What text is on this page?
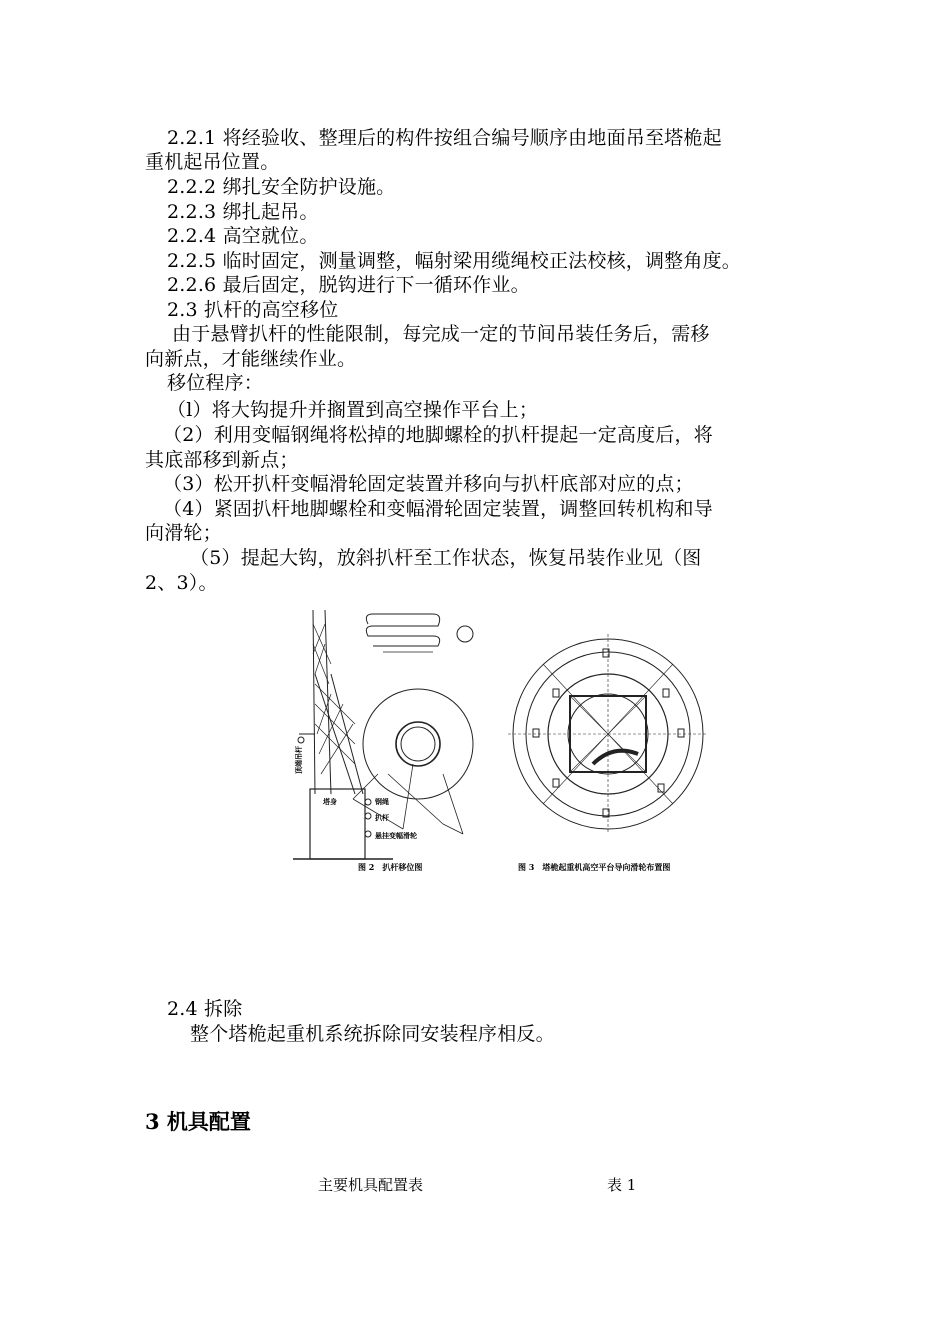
2.2.1 将经验收、整理后的构件按组合编号顺序由地面吊至塔桅起
重机起吊位置。
2.2.2 绑扎安全防护设施。
2.2.3 绑扎起吊。
2.2.4 高空就位。
2.2.5 临时固定，测量调整，幅射梁用缆绳校正法校核，调整角度。
2.2.6 最后固定，脱钩进行下一循环作业。
2.3 扒杆的高空移位
由于悬臂扒杆的性能限制，每完成一定的节间吊装任务后，需移
向新点，才能继续作业。
移位程序：
（l）将大钩提升并搁置到高空操作平台上；
（2）利用变幅钢绳将松掉的地脚螺栓的扒杆提起一定高度后，将
其底部移到新点；
（3）松开扒杆变幅滑轮固定装置并移向与扒杆底部对应的点；
（4）紧固扒杆地脚螺栓和变幅滑轮固定装置，调整回转机构和导
向滑轮；
（5）提起大钩，放斜扒杆至工作状态，恢复吊装作业见（图
2、3）。
塔身	钢绳
扒杆
悬挂变幅滑轮
顶端吊杆
图 2　扒杆移位图	图 3　塔桅起重机高空平台导向滑轮布置图
2.4 拆除
整个塔桅起重机系统拆除同安装程序相反。
3 机具配置
主要机具配置表	表 1
